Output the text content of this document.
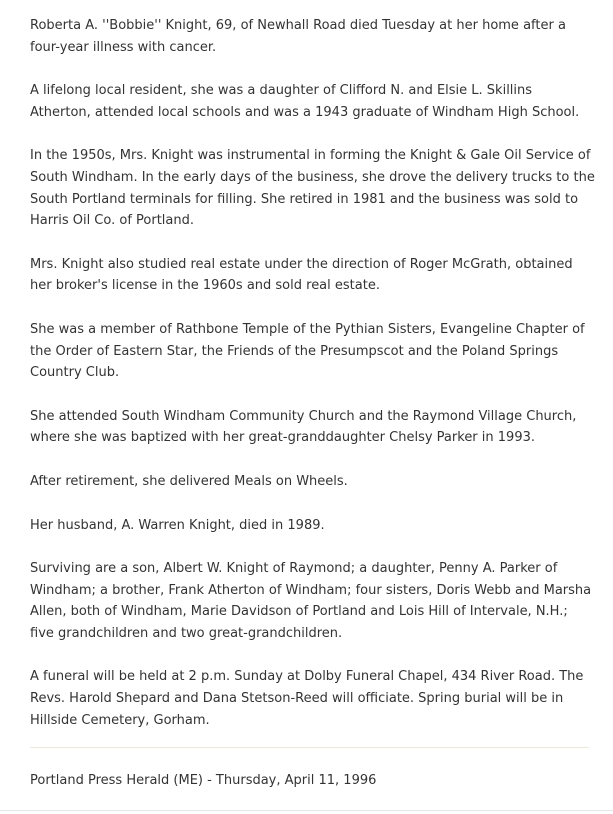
Roberta A. ''Bobbie'' Knight, 69, of Newhall Road died Tuesday at her home after a four-year illness with cancer.

A lifelong local resident, she was a daughter of Clifford N. and Elsie L. Skillins Atherton, attended local schools and was a 1943 graduate of Windham High School.

In the 1950s, Mrs. Knight was instrumental in forming the Knight & Gale Oil Service of South Windham. In the early days of the business, she drove the delivery trucks to the South Portland terminals for filling. She retired in 1981 and the business was sold to Harris Oil Co. of Portland.

Mrs. Knight also studied real estate under the direction of Roger McGrath, obtained her broker's license in the 1960s and sold real estate.

She was a member of Rathbone Temple of the Pythian Sisters, Evangeline Chapter of the Order of Eastern Star, the Friends of the Presumpscot and the Poland Springs Country Club.

She attended South Windham Community Church and the Raymond Village Church, where she was baptized with her great-granddaughter Chelsy Parker in 1993.

After retirement, she delivered Meals on Wheels.

Her husband, A. Warren Knight, died in 1989.

Surviving are a son, Albert W. Knight of Raymond; a daughter, Penny A. Parker of Windham; a brother, Frank Atherton of Windham; four sisters, Doris Webb and Marsha Allen, both of Windham, Marie Davidson of Portland and Lois Hill of Intervale, N.H.; five grandchildren and two great-grandchildren.

A funeral will be held at 2 p.m. Sunday at Dolby Funeral Chapel, 434 River Road. The Revs. Harold Shepard and Dana Stetson-Reed will officiate. Spring burial will be in Hillside Cemetery, Gorham.

Portland Press Herald (ME) - Thursday, April 11, 1996
